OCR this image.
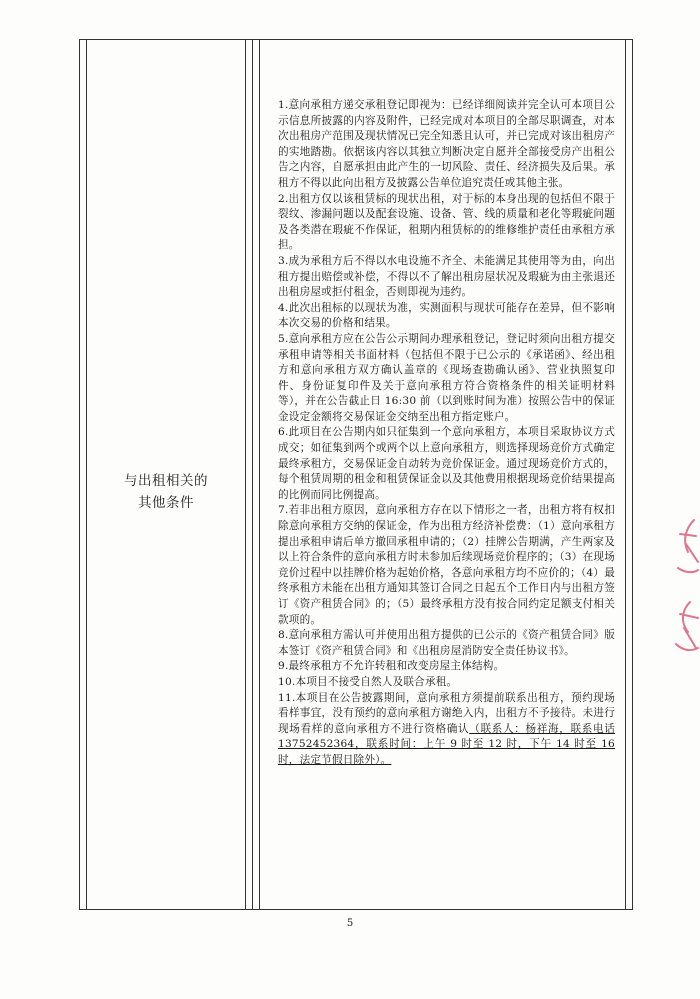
与出租相关的
其他条件

1.意向承租方递交承租登记即视为：已经详细阅读并完全认可本项目公示信息所披露的内容及附件，已经完成对本项目的全部尽职调查，对本次出租房产范围及现状情况已完全知悉且认可，并已完成对该出租房产的实地踏勘。依据该内容以其独立判断决定自愿并全部接受房产出租公告之内容，自愿承担由此产生的一切风险、责任、经济损失及后果。承租方不得以此向出租方及披露公告单位追究责任或其他主张。

2.出租方仅以该租赁标的现状出租，对于标的本身出现的包括但不限于裂纹、渗漏问题以及配套设施、设备、管、线的质量和老化等瑕疵问题及各类潜在瑕疵不作保证，租期内租赁标的的维修维护责任由承租方承担。

3.成为承租方后不得以水电设施不齐全、未能满足其使用等为由，向出租方提出赔偿或补偿，不得以不了解出租房屋状况及瑕疵为由主张退还出租房屋或拒付租金，否则即视为违约。

4.此次出租标的以现状为准，实测面积与现状可能存在差异，但不影响本次交易的价格和结果。

5.意向承租方应在公告公示期间办理承租登记，登记时须向出租方提交承租申请等相关书面材料（包括但不限于已公示的《承诺函》、经出租方和意向承租方双方确认盖章的《现场查勘确认函》、营业执照复印件、身份证复印件及关于意向承租方符合资格条件的相关证明材料等），并在公告截止日 16:30 前（以到账时间为准）按照公告中的保证金设定金额将交易保证金交纳至出租方指定账户。

6.此项目在公告期内如只征集到一个意向承租方，本项目采取协议方式成交；如征集到两个或两个以上意向承租方，则选择现场竞价方式确定最终承租方，交易保证金自动转为竞价保证金。通过现场竞价方式的，每个租赁周期的租金和租赁保证金以及其他费用根据现场竞价结果提高的比例而同比例提高。

7.若非出租方原因，意向承租方存在以下情形之一者，出租方将有权扣除意向承租方交纳的保证金，作为出租方经济补偿费：（1）意向承租方提出承租申请后单方撤回承租申请的；（2）挂牌公告期满，产生两家及以上符合条件的意向承租方时未参加后续现场竞价程序的；（3）在现场竞价过程中以挂牌价格为起始价格，各意向承租方均不应价的；（4）最终承租方未能在出租方通知其签订合同之日起五个工作日内与出租方签订《资产租赁合同》的；（5）最终承租方没有按合同约定足额支付相关款项的。

8.意向承租方需认可并使用出租方提供的已公示的《资产租赁合同》版本签订《资产租赁合同》和《出租房屋消防安全责任协议书》。

9.最终承租方不允许转租和改变房屋主体结构。

10.本项目不接受自然人及联合承租。

11.本项目在公告披露期间，意向承租方须提前联系出租方，预约现场看样事宜，没有预约的意向承租方谢绝入内，出租方不予接待。未进行现场看样的意向承租方不进行资格确认（联系人：杨祥海，联系电话 13752452364，联系时间：上午 9 时至 12 时，下午 14 时至 16 时，法定节假日除外）。

5
